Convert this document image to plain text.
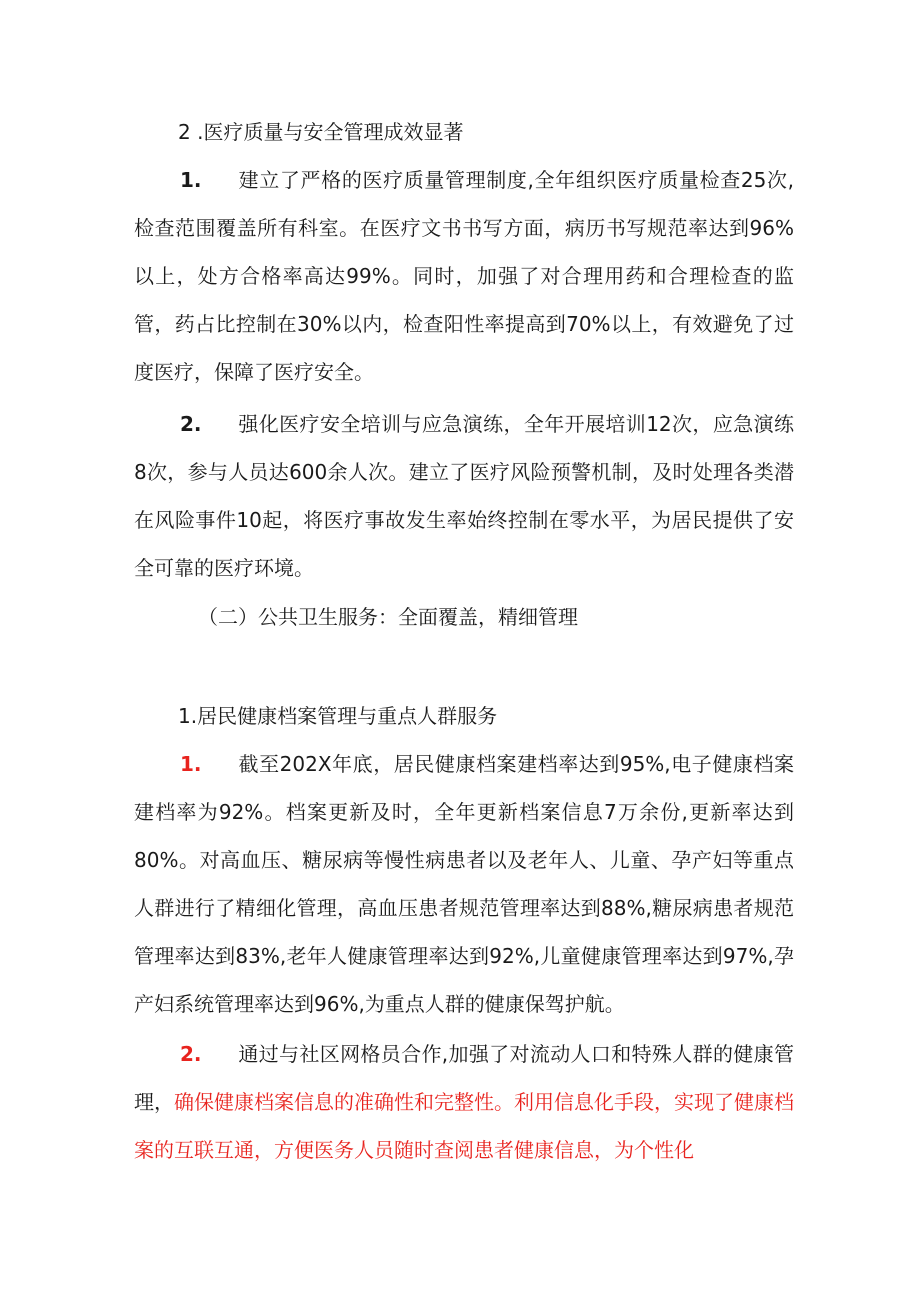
2 .医疗质量与安全管理成效显著
1. 建立了严格的医疗质量管理制度,全年组织医疗质量检查25次,检查范围覆盖所有科室。在医疗文书书写方面，病历书写规范率达到96%以上，处方合格率高达99%。同时，加强了对合理用药和合理检查的监管，药占比控制在30%以内，检查阳性率提高到70%以上，有效避免了过度医疗，保障了医疗安全。
2. 强化医疗安全培训与应急演练，全年开展培训12次，应急演练8次，参与人员达600余人次。建立了医疗风险预警机制，及时处理各类潜在风险事件10起，将医疗事故发生率始终控制在零水平，为居民提供了安全可靠的医疗环境。
（二）公共卫生服务：全面覆盖，精细管理
1.居民健康档案管理与重点人群服务
1. 截至202X年底，居民健康档案建档率达到95%,电子健康档案建档率为92%。档案更新及时，全年更新档案信息7万余份,更新率达到80%。对高血压、糖尿病等慢性病患者以及老年人、儿童、孕产妇等重点人群进行了精细化管理，高血压患者规范管理率达到88%,糖尿病患者规范管理率达到83%,老年人健康管理率达到92%,儿童健康管理率达到97%,孕产妇系统管理率达到96%,为重点人群的健康保驾护航。
2. 通过与社区网格员合作,加强了对流动人口和特殊人群的健康管理，确保健康档案信息的准确性和完整性。利用信息化手段，实现了健康档案的互联互通，方便医务人员随时查阅患者健康信息，为个性化
